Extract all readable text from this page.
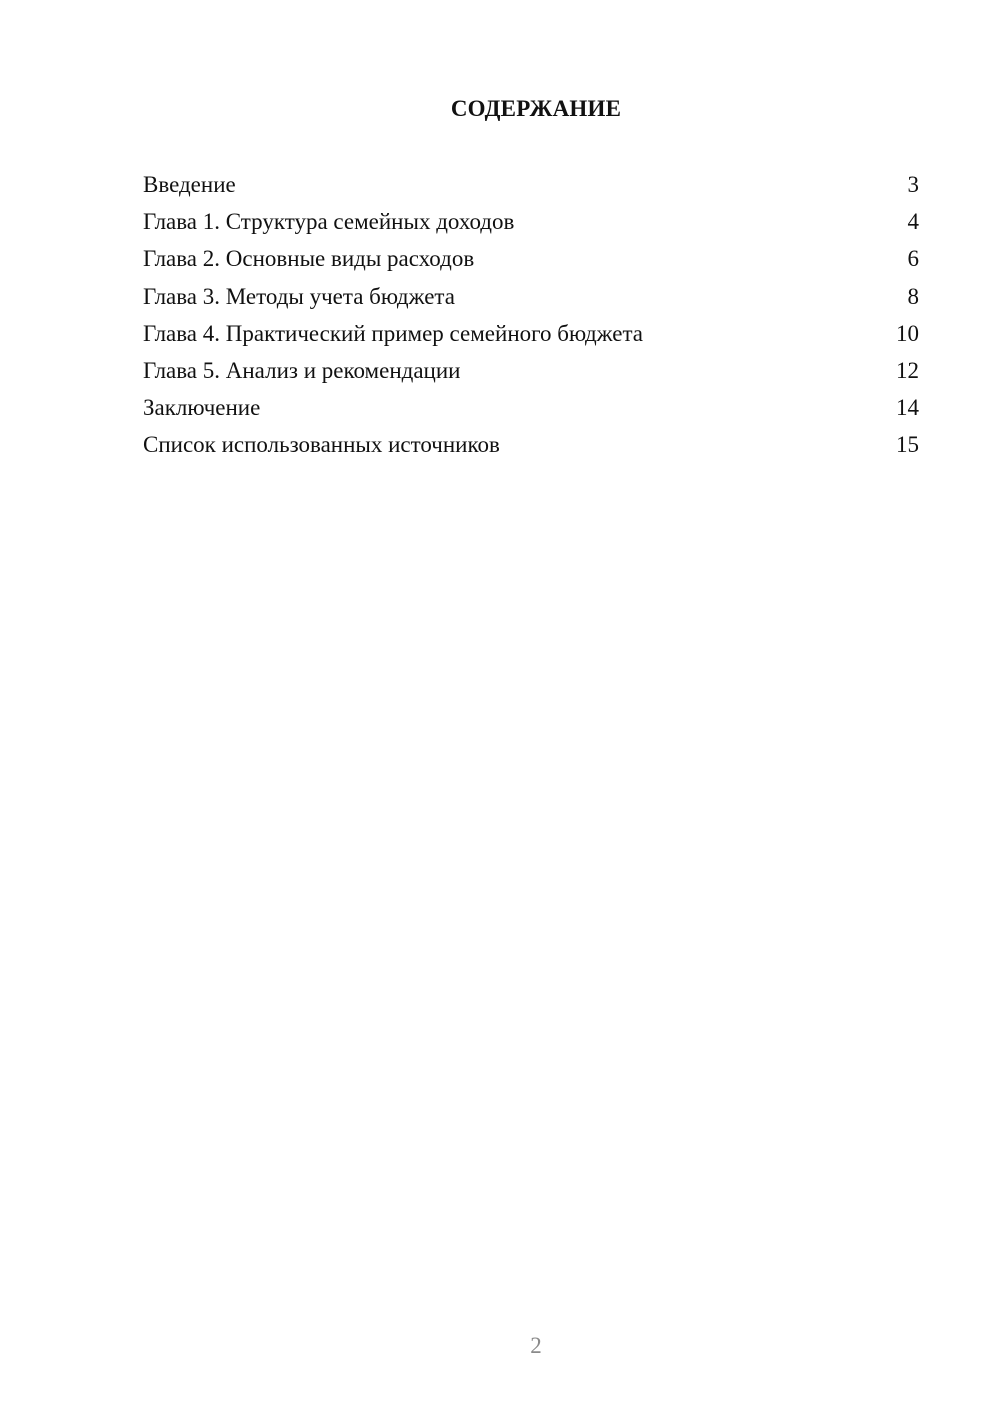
СОДЕРЖАНИЕ
Введение	3
Глава 1. Структура семейных доходов	4
Глава 2. Основные виды расходов	6
Глава 3. Методы учета бюджета	8
Глава 4. Практический пример семейного бюджета	10
Глава 5. Анализ и рекомендации	12
Заключение	14
Список использованных источников	15
2
